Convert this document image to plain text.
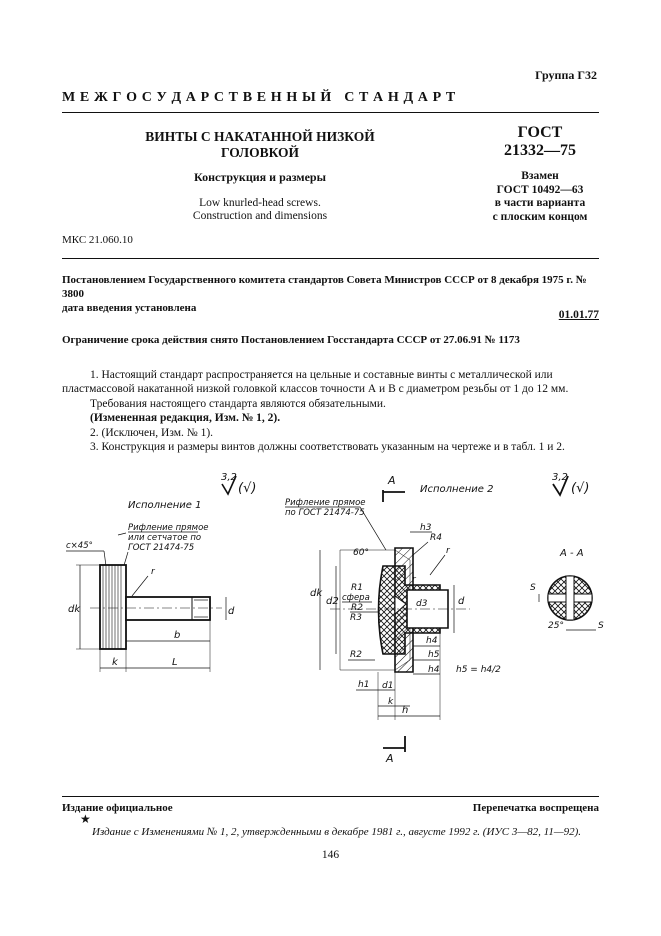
Группа Г32
М Е Ж Г О С У Д А Р С Т В Е Н Н Ы Й   С Т А Н Д А Р Т
ВИНТЫ С НАКАТАННОЙ НИЗКОЙ
ГОЛОВКОЙ
ГОСТ
21332—75
Конструкция и размеры
Low knurled-head screws.
Construction and dimensions
Взамен
ГОСТ 10492—63
в части варианта
с плоским концом
МКС 21.060.10
Постановлением Государственного комитета стандартов Совета Министров СССР от 8 декабря 1975 г. № 3800
дата введения установлена
01.01.77
Ограничение срока действия снято Постановлением Госстандарта СССР от 27.06.91 № 1173
1. Настоящий стандарт распространяется на цельные и составные винты с металлической или
пластмассовой накатанной низкой головкой классов точности А и В с диаметром резьбы от 1 до 12 мм.
Требования настоящего стандарта являются обязательными.
(Измененная редакция, Изм. № 1, 2).
2. (Исключен, Изм. № 1).
3. Конструкция и размеры винтов должны соответствовать указанным на чертеже и в табл. 1 и 2.
3,2
(√)
3,2
(√)
Исполнение 1
Рифление прямое
или сетчатое по
ГОСТ 21474-75
c×45°
r
dk	d
b
k	L
Исполнение 2
A
A
Рифление прямое
по ГОСТ 21474-75
r
60°
R1
сфера
R2
R3
R2
h3
R4
r
dk
d2	d3	d
d1
h4
h5
h4 h5 = h4/2
h1
k
h
А - А
S
25°	S
Издание официальное	Перепечатка воспрещена
★
Издание с Изменениями № 1, 2, утвержденными в декабре 1981 г., августе 1992 г. (ИУС 3—82, 11—92).
146
